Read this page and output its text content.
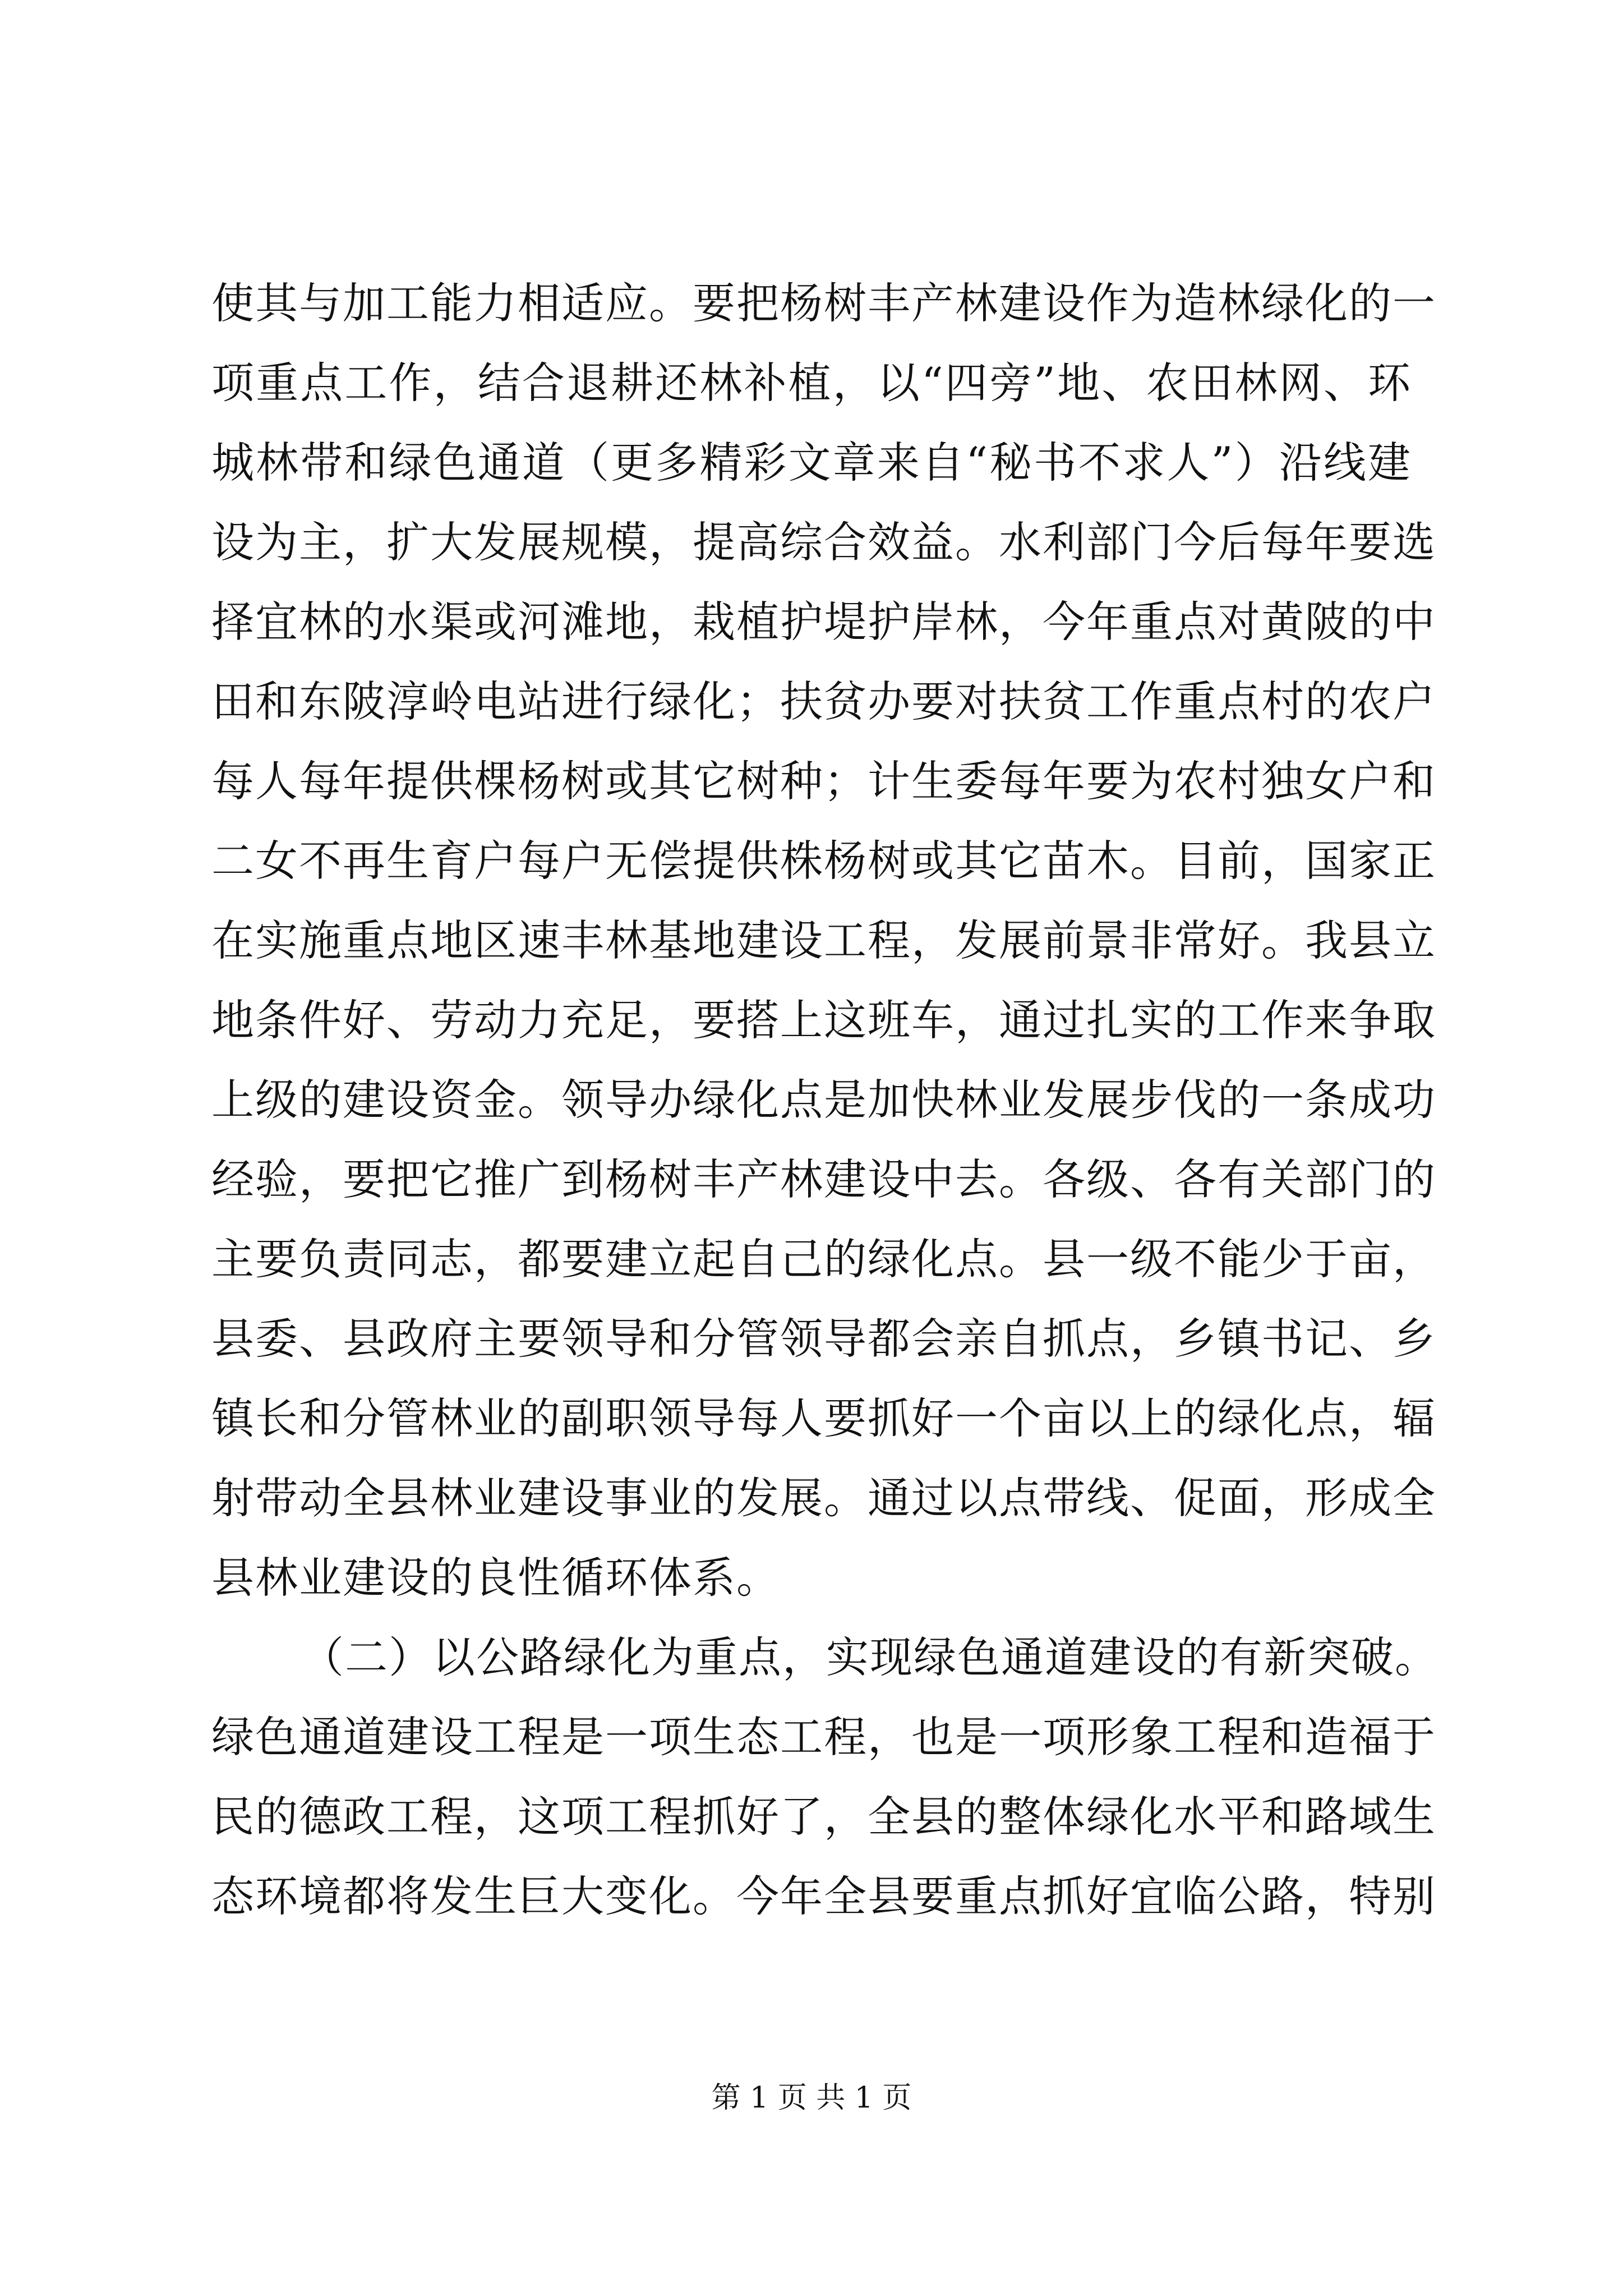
使其与加工能力相适应。要把杨树丰产林建设作为造林绿化的一
项重点工作，结合退耕还林补植，以“四旁”地、农田林网、环
城林带和绿色通道（更多精彩文章来自“秘书不求人”）沿线建
设为主，扩大发展规模，提高综合效益。水利部门今后每年要选
择宜林的水渠或河滩地，栽植护堤护岸林，今年重点对黄陂的中
田和东陂淳岭电站进行绿化；扶贫办要对扶贫工作重点村的农户
每人每年提供棵杨树或其它树种；计生委每年要为农村独女户和
二女不再生育户每户无偿提供株杨树或其它苗木。目前，国家正
在实施重点地区速丰林基地建设工程，发展前景非常好。我县立
地条件好、劳动力充足，要搭上这班车，通过扎实的工作来争取
上级的建设资金。领导办绿化点是加快林业发展步伐的一条成功
经验，要把它推广到杨树丰产林建设中去。各级、各有关部门的
主要负责同志，都要建立起自己的绿化点。县一级不能少于亩，
县委、县政府主要领导和分管领导都会亲自抓点，乡镇书记、乡
镇长和分管林业的副职领导每人要抓好一个亩以上的绿化点，辐
射带动全县林业建设事业的发展。通过以点带线、促面，形成全
县林业建设的良性循环体系。
（二）以公路绿化为重点，实现绿色通道建设的有新突破。
绿色通道建设工程是一项生态工程，也是一项形象工程和造福于
民的德政工程，这项工程抓好了，全县的整体绿化水平和路域生
态环境都将发生巨大变化。今年全县要重点抓好宜临公路，特别
第 1 页 共 1 页
